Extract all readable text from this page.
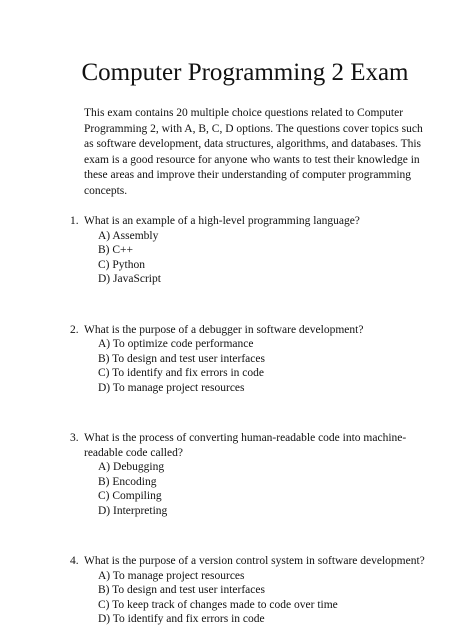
Computer Programming 2 Exam

This exam contains 20 multiple choice questions related to Computer Programming 2, with A, B, C, D options. The questions cover topics such as software development, data structures, algorithms, and databases. This exam is a good resource for anyone who wants to test their knowledge in these areas and improve their understanding of computer programming concepts.

1. What is an example of a high-level programming language?
A) Assembly
B) C++
C) Python
D) JavaScript
2. What is the purpose of a debugger in software development?
A) To optimize code performance
B) To design and test user interfaces
C) To identify and fix errors in code
D) To manage project resources
3. What is the process of converting human-readable code into machine-readable code called?
A) Debugging
B) Encoding
C) Compiling
D) Interpreting
4. What is the purpose of a version control system in software development?
A) To manage project resources
B) To design and test user interfaces
C) To keep track of changes made to code over time
D) To identify and fix errors in code
